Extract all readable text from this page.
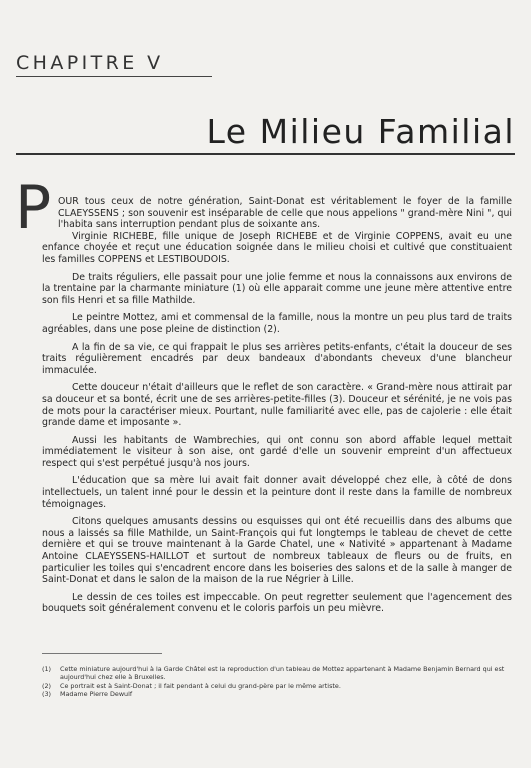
CHAPITRE V
Le Milieu Familial
P OUR tous ceux de notre génération, Saint-Donat est véritablement le foyer de la famille CLAEYSSENS ; son souvenir est inséparable de celle que nous appelions " grand-mère Nini ", qui l'habita sans interruption pendant plus de soixante ans.

Virginie RICHEBE, fille unique de Joseph RICHEBE et de Virginie COPPENS, avait eu une enfance choyée et reçut une éducation soignée dans le milieu choisi et cultivé que constituaient les familles COPPENS et LESTIBOUDOIS.

De traits réguliers, elle passait pour une jolie femme et nous la connaissons aux environs de la trentaine par la charmante miniature (1) où elle apparait comme une jeune mère attentive entre son fils Henri et sa fille Mathilde.

Le peintre Mottez, ami et commensal de la famille, nous la montre un peu plus tard de traits agréables, dans une pose pleine de distinction (2).

A la fin de sa vie, ce qui frappait le plus ses arrières petits-enfants, c'était la douceur de ses traits régulièrement encadrés par deux bandeaux d'abondants cheveux d'une blancheur immaculée.

Cette douceur n'était d'ailleurs que le reflet de son caractère. « Grand-mère nous attirait par sa douceur et sa bonté, écrit une de ses arrières-petite-filles (3). Douceur et sérénité, je ne vois pas de mots pour la caractériser mieux. Pourtant, nulle familiarité avec elle, pas de cajolerie : elle était grande dame et imposante ».

Aussi les habitants de Wambrechies, qui ont connu son abord affable lequel mettait immédiatement le visiteur à son aise, ont gardé d'elle un souvenir empreint d'un affectueux respect qui s'est perpétué jusqu'à nos jours.

L'éducation que sa mère lui avait fait donner avait développé chez elle, à côté de dons intellectuels, un talent inné pour le dessin et la peinture dont il reste dans la famille de nombreux témoignages.

Citons quelques amusants dessins ou esquisses qui ont été recueillis dans des albums que nous a laissés sa fille Mathilde, un Saint-François qui fut longtemps le tableau de chevet de cette dernière et qui se trouve maintenant à la Garde Chatel, une « Nativité » appartenant à Madame Antoine CLAEYSSENS-HAILLOT et surtout de nombreux tableaux de fleurs ou de fruits, en particulier les toiles qui s'encadrent encore dans les boiseries des salons et de la salle à manger de Saint-Donat et dans le salon de la maison de la rue Négrier à Lille.

Le dessin de ces toiles est impeccable. On peut regretter seulement que l'agencement des bouquets soit généralement convenu et le coloris parfois un peu mièvre.

(1)	Cette miniature aujourd'hui à la Garde Châtel est la reproduction d'un tableau de Mottez appartenant à Madame Benjamin Bernard qui est aujourd'hui chez elle à Bruxelles.
(2)	Ce portrait est à Saint-Donat ; il fait pendant à celui du grand-père par le même artiste.
(3)	Madame Pierre Dewulf
